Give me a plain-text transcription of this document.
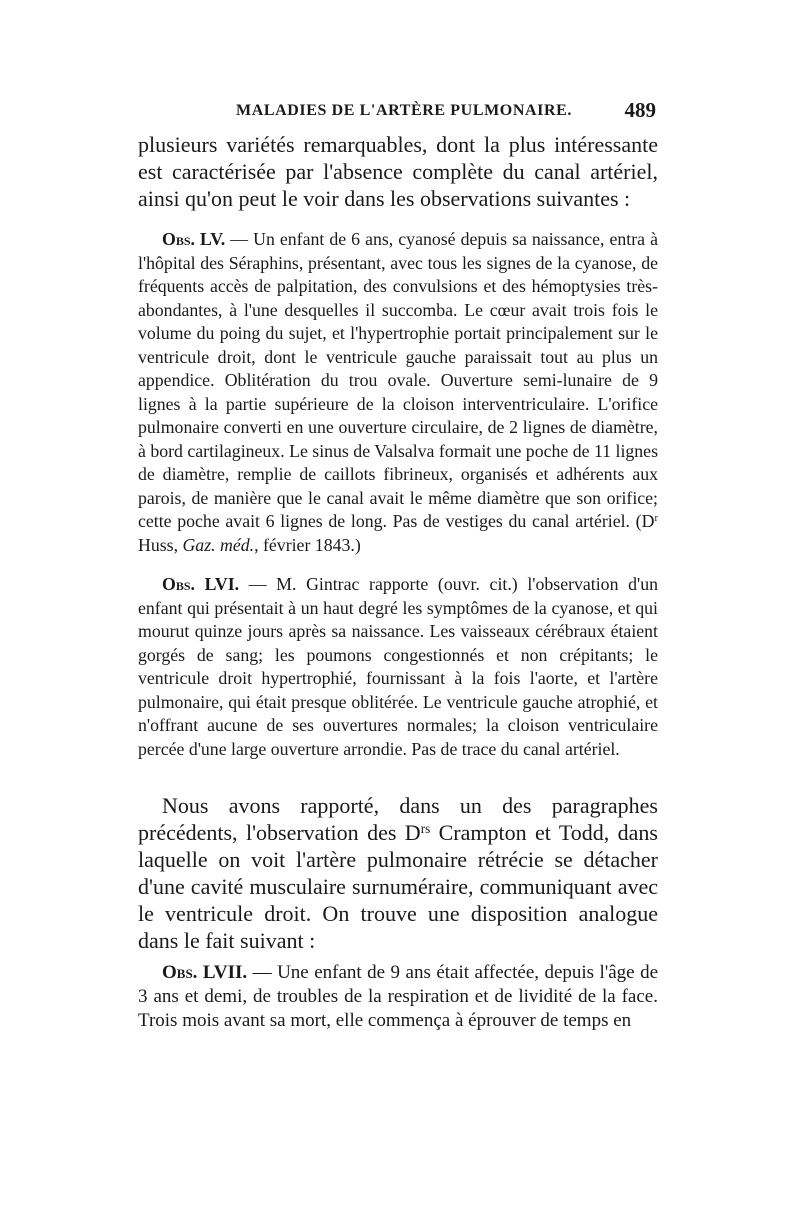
MALADIES DE L'ARTÈRE PULMONAIRE. 489

plusieurs variétés remarquables, dont la plus intéressante est caractérisée par l'absence complète du canal artériel, ainsi qu'on peut le voir dans les observations suivantes :

Obs. LV. — Un enfant de 6 ans, cyanosé depuis sa naissance, entra à l'hôpital des Séraphins, présentant, avec tous les signes de la cyanose, de fréquents accès de palpitation, des convulsions et des hémoptysies très-abondantes, à l'une desquelles il succomba. Le cœur avait trois fois le volume du poing du sujet, et l'hypertrophie portait principalement sur le ventricule droit, dont le ventricule gauche paraissait tout au plus un appendice. Oblitération du trou ovale. Ouverture semi-lunaire de 9 lignes à la partie supérieure de la cloison interventriculaire. L'orifice pulmonaire converti en une ouverture circulaire, de 2 lignes de diamètre, à bord cartilagineux. Le sinus de Valsalva formait une poche de 11 lignes de diamètre, remplie de caillots fibrineux, organisés et adhérents aux parois, de manière que le canal avait le même diamètre que son orifice; cette poche avait 6 lignes de long. Pas de vestiges du canal artériel. ($D^r$ Huss, Gaz. méd., février 1843.)

Obs. LVI. — M. Gintrac rapporte (ouvr. cit.) l'observation d'un enfant qui présentait à un haut degré les symptômes de la cyanose, et qui mourut quinze jours après sa naissance. Les vaisseaux cérébraux étaient gorgés de sang; les poumons congestionnés et non crépitants; le ventricule droit hypertrophié, fournissant à la fois l'aorte, et l'artère pulmonaire, qui était presque oblitérée. Le ventricule gauche atrophié, et n'offrant aucune de ses ouvertures normales; la cloison ventriculaire percée d'une large ouverture arrondie. Pas de trace du canal artériel.

Nous avons rapporté, dans un des paragraphes précédents, l'observation des $D^{rs}$ Crampton et Todd, dans laquelle on voit l'artère pulmonaire rétrécie se détacher d'une cavité musculaire surnuméraire, communiquant avec le ventricule droit. On trouve une disposition analogue dans le fait suivant :

Obs. LVII. — Une enfant de 9 ans était affectée, depuis l'âge de 3 ans et demi, de troubles de la respiration et de lividité de la face. Trois mois avant sa mort, elle commença à éprouver de temps en
